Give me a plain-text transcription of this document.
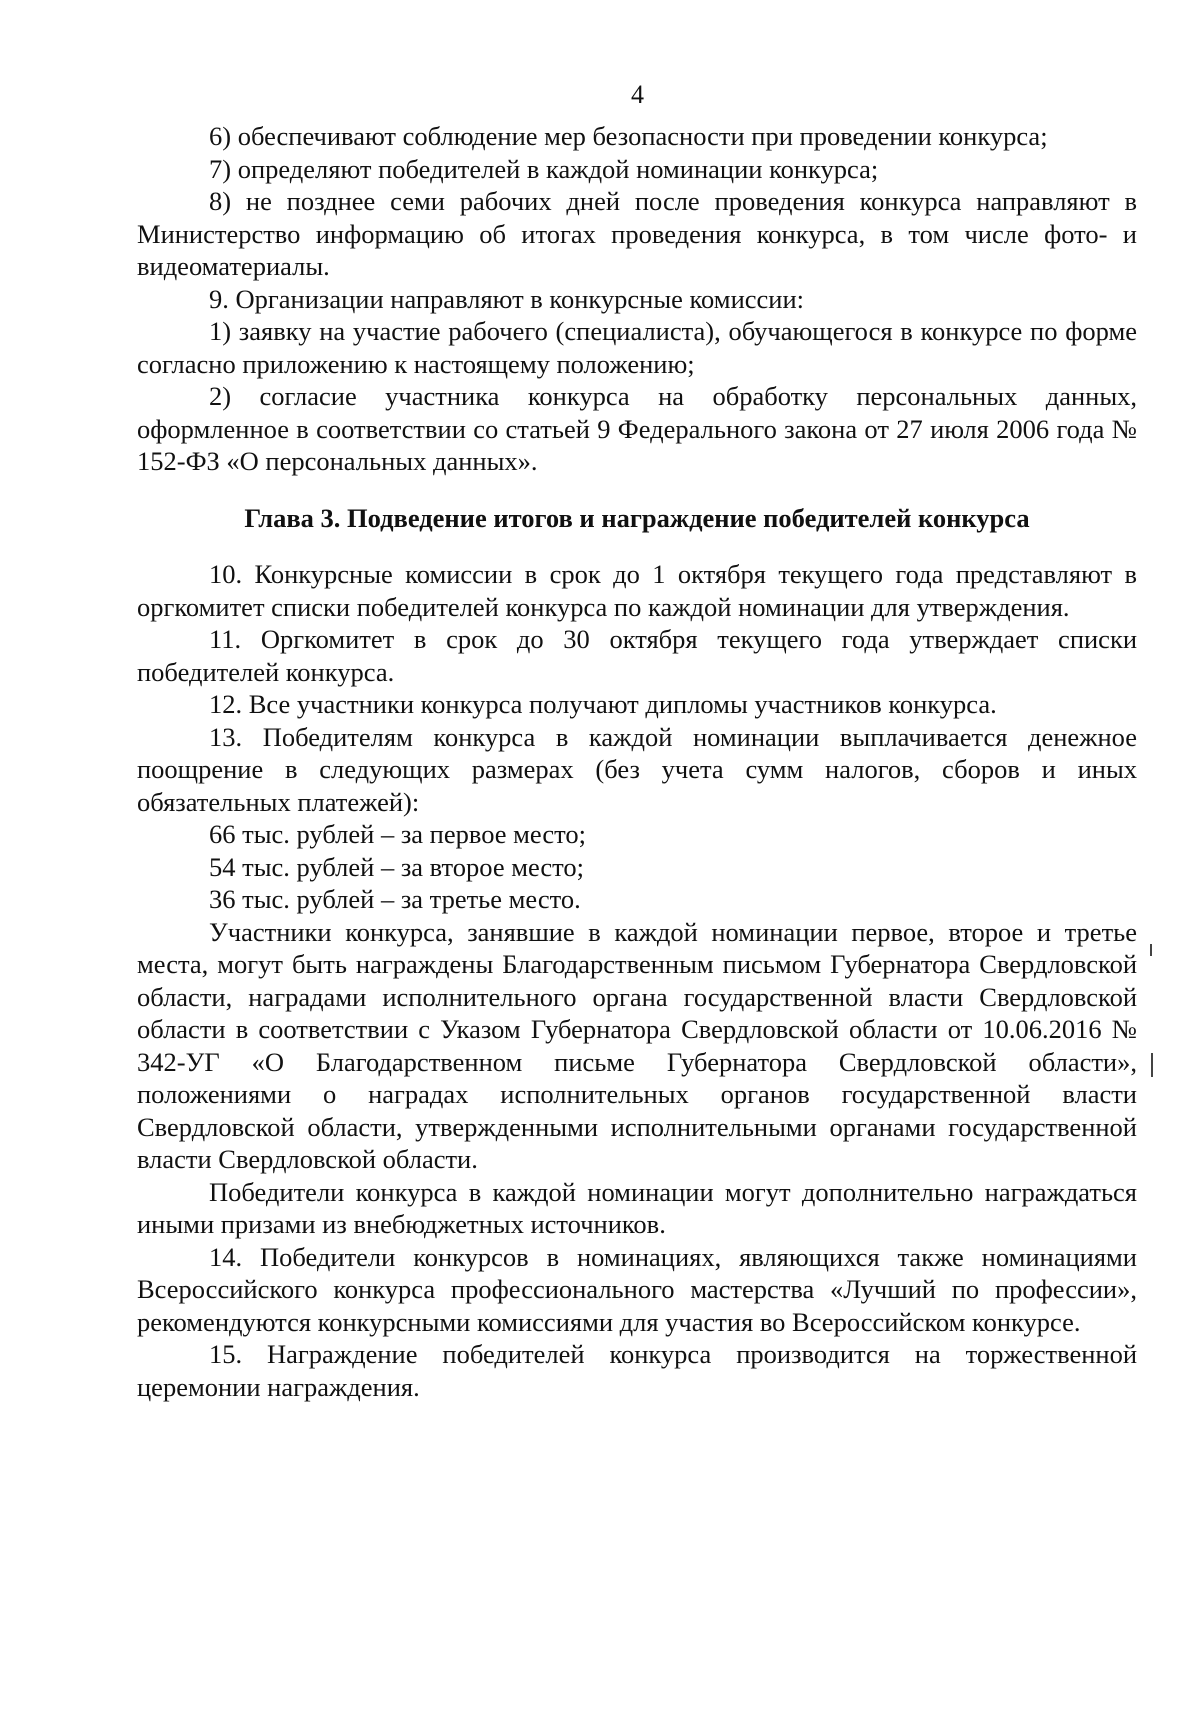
4

6) обеспечивают соблюдение мер безопасности при проведении конкурса;

7) определяют победителей в каждой номинации конкурса;

8) не позднее семи рабочих дней после проведения конкурса направляют в Министерство информацию об итогах проведения конкурса, в том числе фото- и видеоматериалы.

9. Организации направляют в конкурсные комиссии:

1) заявку на участие рабочего (специалиста), обучающегося в конкурсе по форме согласно приложению к настоящему положению;

2) согласие участника конкурса на обработку персональных данных, оформленное в соответствии со статьей 9 Федерального закона от 27 июля 2006 года № 152-ФЗ «О персональных данных».

Глава 3. Подведение итогов и награждение победителей конкурса

10. Конкурсные комиссии в срок до 1 октября текущего года представляют в оргкомитет списки победителей конкурса по каждой номинации для утверждения.

11. Оргкомитет в срок до 30 октября текущего года утверждает списки победителей конкурса.

12. Все участники конкурса получают дипломы участников конкурса.

13. Победителям конкурса в каждой номинации выплачивается денежное поощрение в следующих размерах (без учета сумм налогов, сборов и иных обязательных платежей):

66 тыс. рублей – за первое место;

54 тыс. рублей – за второе место;

36 тыс. рублей – за третье место.

Участники конкурса, занявшие в каждой номинации первое, второе и третье места, могут быть награждены Благодарственным письмом Губернатора Свердловской области, наградами исполнительного органа государственной власти Свердловской области в соответствии с Указом Губернатора Свердловской области от 10.06.2016 № 342-УГ «О Благодарственном письме Губернатора Свердловской области», положениями о наградах исполнительных органов государственной власти Свердловской области, утвержденными исполнительными органами государственной власти Свердловской области.

Победители конкурса в каждой номинации могут дополнительно награждаться иными призами из внебюджетных источников.

14. Победители конкурсов в номинациях, являющихся также номинациями Всероссийского конкурса профессионального мастерства «Лучший по профессии», рекомендуются конкурсными комиссиями для участия во Всероссийском конкурсе.

15. Награждение победителей конкурса производится на торжественной церемонии награждения.
